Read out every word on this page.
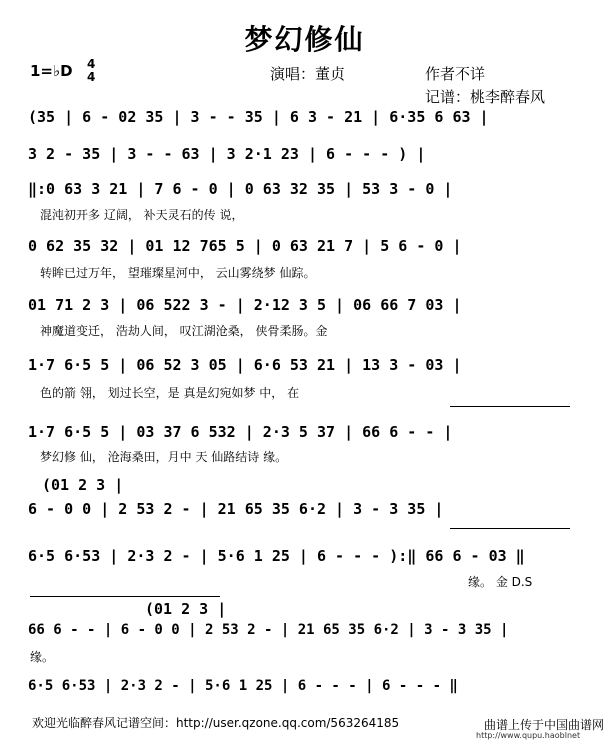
梦幻修仙
1=♭D 4
4	演唱：董贞	作者不详
记谱：桃李醉春风
(35 | 6 - 02 35 | 3 - - 35 | 6 3 - 21 | 6·35 6 63 |
3 2 - 35 | 3 - - 63 | 3 2·1 23 | 6 - - - ) |
‖:0 63 3 21 | 7 6 - 0 | 0 63 32 35 | 53 3 - 0 |
混沌初开多 辽阔， 补天灵石的传 说，
0 62 35 32 | 01 12 765 5 | 0 63 21 7 | 5 6 - 0 |
转眸已过万年， 望璀璨星河中， 云山雾绕梦 仙踪。
01 71 2 3 | 06 522 3 - | 2·12 3 5 | 06 66 7 03 |
神魔道变迁， 浩劫人间， 叹江湖沧桑， 侠骨柔肠。金
1·7 6·5 5 | 06 52 3 05 | 6·6 53 21 | 13 3 - 03 |
色的箭 翎， 划过长空，是 真是幻宛如梦 中， 在
1·7 6·5 5 | 03 37 6 532 | 2·3 5 37 | 66 6 - - |
梦幻修 仙， 沧海桑田，月中 天 仙路结诗 缘。
(01 2 3 |
6 - 0 0 | 2 53 2 - | 21 65 35 6·2 | 3 - 3 35 |
6·5 6·53 | 2·3 2 - | 5·6 1 25 | 6 - - - ):‖ 66 6 - 03 ‖
缘。 金 D.S
(01 2 3 |
66 6 - - | 6 - 0 0 | 2 53 2 - | 21 65 35 6·2 | 3 - 3 35 |
缘。
6·5 6·53 | 2·3 2 - | 5·6 1 25 | 6 - - - | 6 - - - ‖
欢迎光临醉春风记谱空间：http://user.qzone.qq.com/563264185	曲谱上传于中国曲谱网
http://www.qupu.haoblnet
